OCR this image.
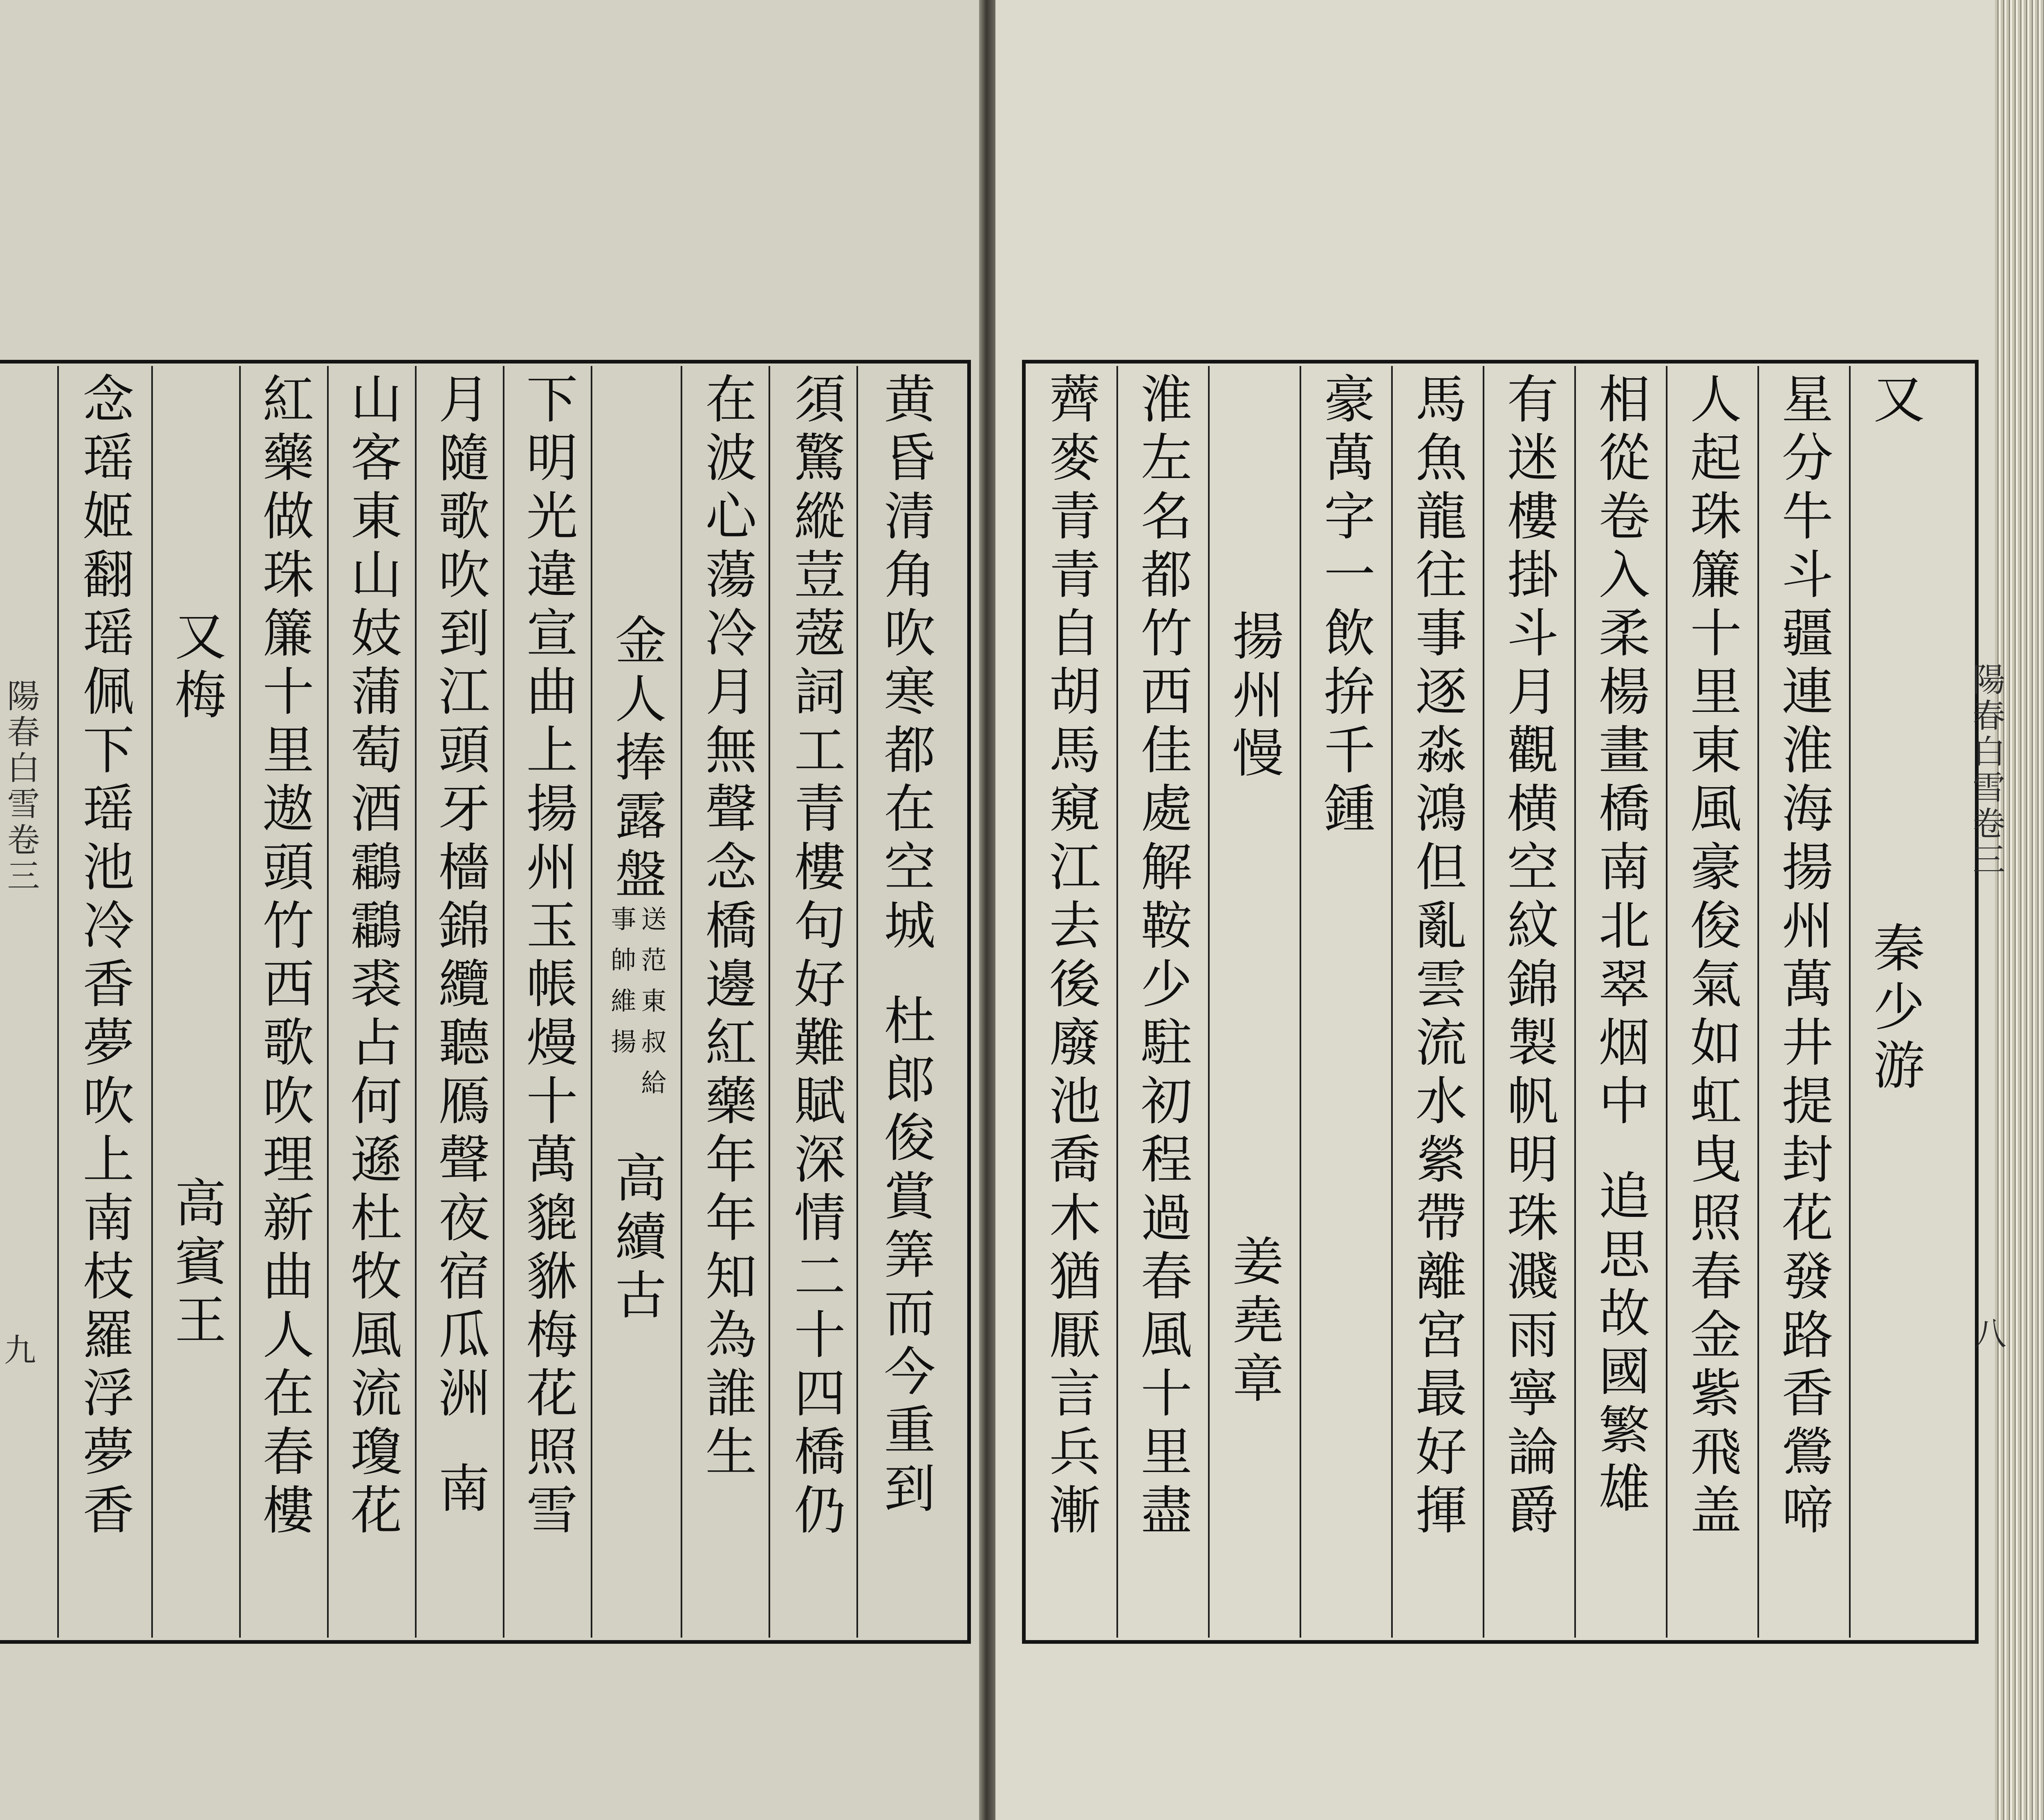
又
秦少游
星分牛斗疆連淮海揚州萬井提封花發路香鶯啼
人起珠簾十里東風豪俊氣如虹曳照春金紫飛盖
相從卷入柔楊畫橋南北翠烟中
追思故國繁雄
有迷樓掛斗月觀横空紋錦製帆明珠濺雨寧論爵
馬魚龍往事逐淼鴻但亂雲流水縈帶離宮最好揮
豪萬字一飲拚千鍾
揚州慢
姜堯章
淮左名都竹西佳處解鞍少駐初程過春風十里盡
薺麥青青自胡馬窺江去後廢池喬木猶厭言兵漸
黄昏清角吹寒都在空城
杜郎俊賞筭而今重到
須驚縱荳蔲詞工青樓句好難賦深情二十四橋仍
在波心蕩冷月無聲念橋邊紅藥年年知為誰生
金人捧露盤
送范東叔給
事帥維揚
高續古
下明光違宣曲上揚州玉帳熳十萬貔貅梅花照雪
月隨歌吹到江頭牙檣錦纜聽鴈聲夜宿瓜洲
南
山客東山妓蒲萄酒鸘鸘裘占何遜杜牧風流瓊花
紅藥做珠簾十里遨頭竹西歌吹理新曲人在春樓
又梅
高賓王
念瑶姬翻瑶佩下瑶池冷香夢吹上南枝羅浮夢香	陽春白雪卷三
八
陽春白雪卷三
九
